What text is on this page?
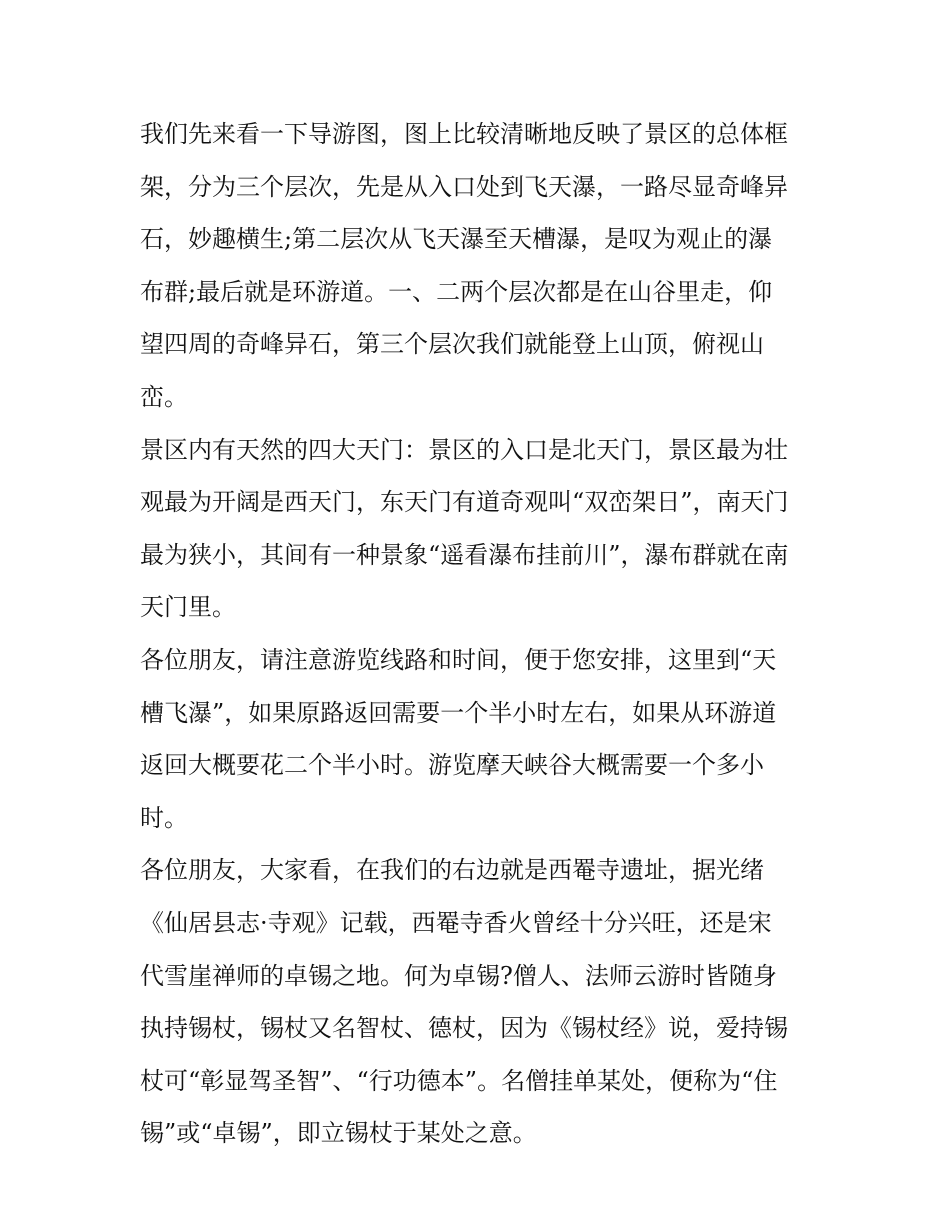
我们先来看一下导游图，图上比较清晰地反映了景区的总体框
架，分为三个层次，先是从入口处到飞天瀑，一路尽显奇峰异
石，妙趣横生;第二层次从飞天瀑至天槽瀑，是叹为观止的瀑
布群;最后就是环游道。一、二两个层次都是在山谷里走，仰
望四周的奇峰异石，第三个层次我们就能登上山顶，俯视山
峦。
景区内有天然的四大天门：景区的入口是北天门，景区最为壮
观最为开阔是西天门，东天门有道奇观叫“双峦架日”，南天门
最为狭小，其间有一种景象“遥看瀑布挂前川”，瀑布群就在南
天门里。
各位朋友，请注意游览线路和时间，便于您安排，这里到“天
槽飞瀑”，如果原路返回需要一个半小时左右，如果从环游道
返回大概要花二个半小时。游览摩天峡谷大概需要一个多小
时。
各位朋友，大家看，在我们的右边就是西罨寺遗址，据光绪
《仙居县志·寺观》记载，西罨寺香火曾经十分兴旺，还是宋
代雪崖禅师的卓锡之地。何为卓锡?僧人、法师云游时皆随身
执持锡杖，锡杖又名智杖、德杖，因为《锡杖经》说，爱持锡
杖可“彰显驾圣智”、“行功德本”。名僧挂单某处，便称为“住
锡”或“卓锡”，即立锡杖于某处之意。
